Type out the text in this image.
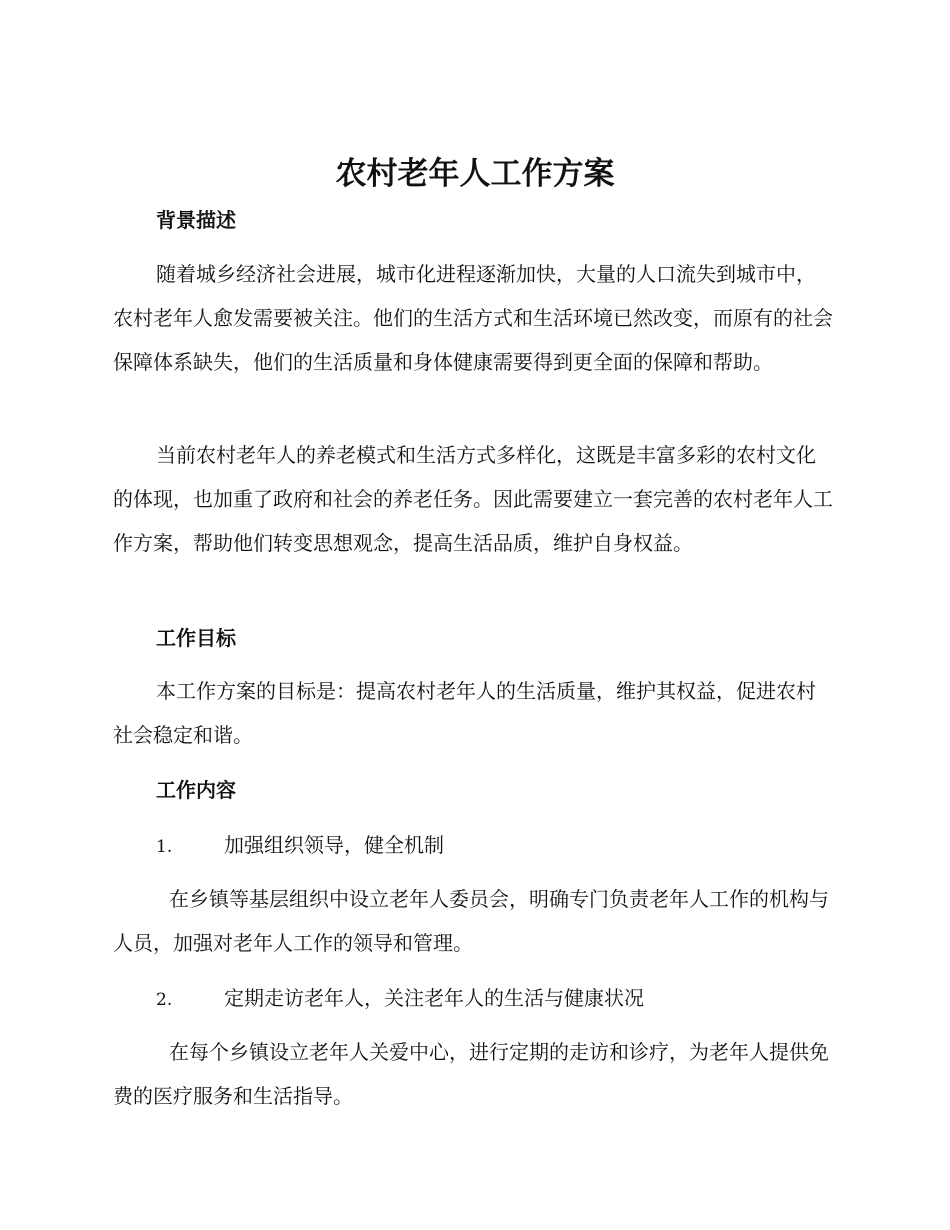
农村老年人工作方案
背景描述

随着城乡经济社会进展，城市化进程逐渐加快，大量的人口流失到城市中，农村老年人愈发需要被关注。他们的生活方式和生活环境已然改变，而原有的社会保障体系缺失，他们的生活质量和身体健康需要得到更全面的保障和帮助。

当前农村老年人的养老模式和生活方式多样化，这既是丰富多彩的农村文化的体现，也加重了政府和社会的养老任务。因此需要建立一套完善的农村老年人工作方案，帮助他们转变思想观念，提高生活品质，维护自身权益。

工作目标

本工作方案的目标是：提高农村老年人的生活质量，维护其权益，促进农村社会稳定和谐。

工作内容
1.	加强组织领导，健全机制

在乡镇等基层组织中设立老年人委员会，明确专门负责老年人工作的机构与人员，加强对老年人工作的领导和管理。

2.	定期走访老年人，关注老年人的生活与健康状况

在每个乡镇设立老年人关爱中心，进行定期的走访和诊疗，为老年人提供免费的医疗服务和生活指导。
